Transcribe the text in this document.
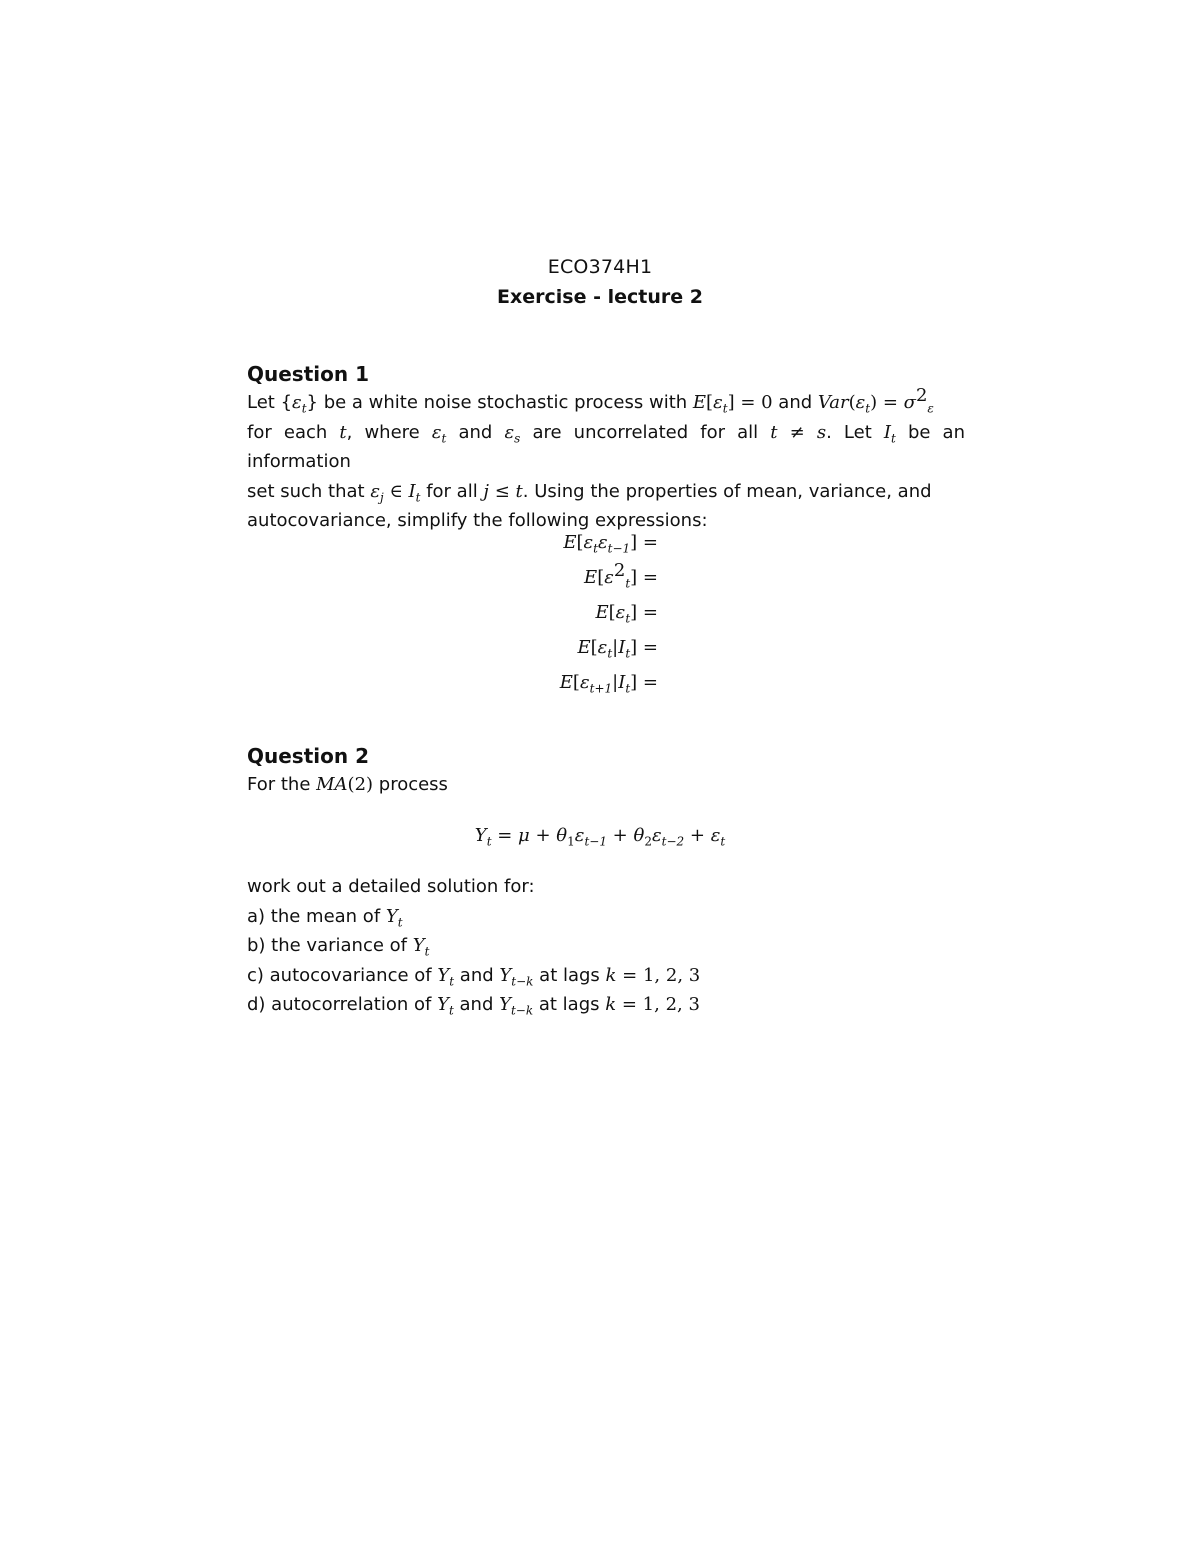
ECO374H1
Exercise - lecture 2
Question 1
Let $\{\varepsilon_t\}$ be a white noise stochastic process with $E[\varepsilon_t] = 0$ and $Var(\varepsilon_t) = \sigma^2_\varepsilon$
for each t, where $\varepsilon_t$ and $\varepsilon_s$ are uncorrelated for all t ≠ s. Let $I_t$ be an information
set such that $\varepsilon_j$ ∈ $I_t$ for all j ≤ t. Using the properties of mean, variance, and
autocovariance, simplify the following expressions:
$E[\varepsilon_t\varepsilon_{t-1}]$ =
$E[\varepsilon^2_t]$ =
$E[\varepsilon_t]$ =
$E[\varepsilon_t|I_t]$ =
$E[\varepsilon_{t+1}|I_t]$ =
Question 2
For the MA(2) process
$Y_t = \mu + \theta_1\varepsilon_{t-1} + \theta_2\varepsilon_{t-2} + \varepsilon_t$
work out a detailed solution for:
a) the mean of $Y_t$
b) the variance of $Y_t$
c) autocovariance of $Y_t$ and $Y_{t-k}$ at lags k = 1, 2, 3
d) autocorrelation of $Y_t$ and $Y_{t-k}$ at lags k = 1, 2, 3
